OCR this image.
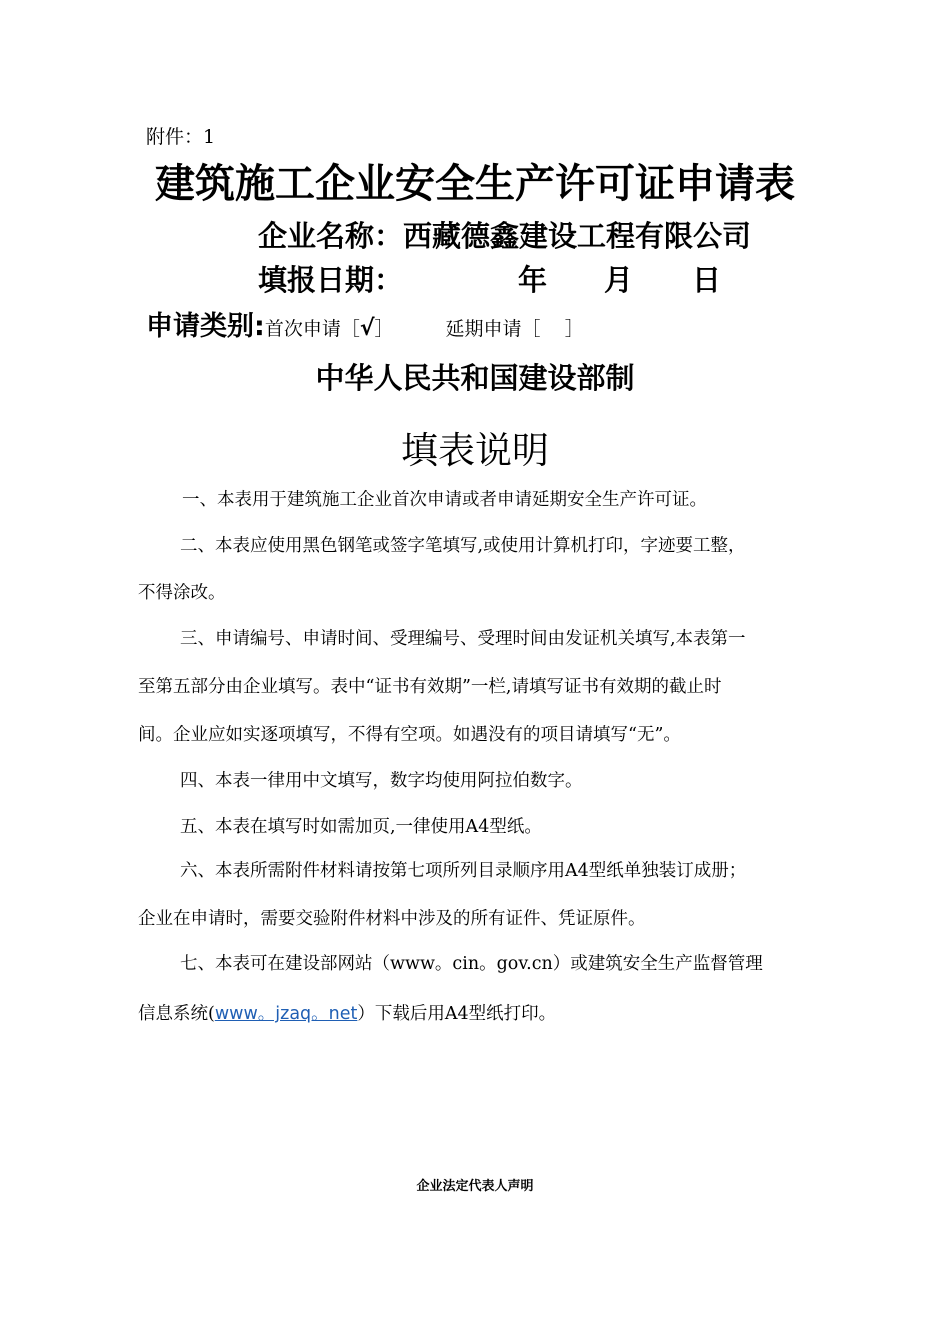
附件：1
建筑施工企业安全生产许可证申请表
企业名称：西藏德鑫建设工程有限公司
填报日期：	年 月 日
申请类别:首次申请［√］	延期申请［ ］
中华人民共和国建设部制
填表说明
一、本表用于建筑施工企业首次申请或者申请延期安全生产许可证。
二、本表应使用黑色钢笔或签字笔填写,或使用计算机打印，字迹要工整，
不得涂改。
三、申请编号、申请时间、受理编号、受理时间由发证机关填写,本表第一
至第五部分由企业填写。表中“证书有效期”一栏,请填写证书有效期的截止时
间。企业应如实逐项填写，不得有空项。如遇没有的项目请填写“无”。
四、本表一律用中文填写，数字均使用阿拉伯数字。
五、本表在填写时如需加页,一律使用A4型纸。
六、本表所需附件材料请按第七项所列目录顺序用A4型纸单独装订成册；
企业在申请时，需要交验附件材料中涉及的所有证件、凭证原件。
七、本表可在建设部网站（www。cin。gov.cn）或建筑安全生产监督管理
信息系统(www。jzaq。net）下载后用A4型纸打印。
企业法定代表人声明
